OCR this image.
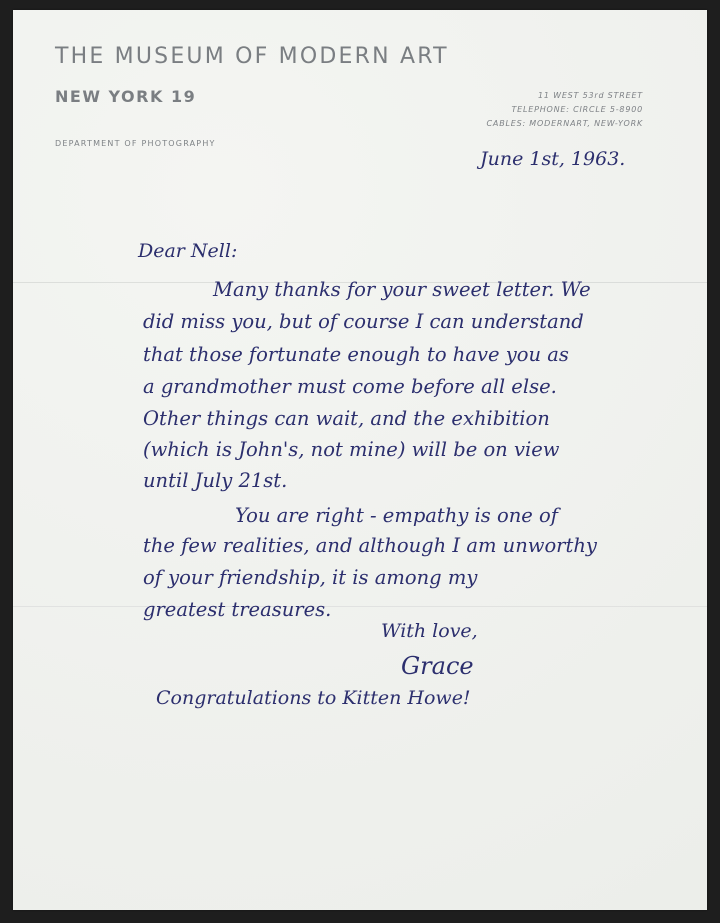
THE MUSEUM OF MODERN ART
NEW YORK 19
DEPARTMENT OF PHOTOGRAPHY
11 WEST 53rd STREET
TELEPHONE: CIRCLE 5-8900
CABLES: MODERNART, NEW-YORK
June 1st, 1963.
Dear Nell:
Many thanks for your sweet letter. We
did miss you, but of course I can understand
that those fortunate enough to have you as
a grandmother must come before all else.
Other things can wait, and the exhibition
(which is John's, not mine) will be on view
until July 21st.
You are right - empathy is one of
the few realities, and although I am unworthy
of your friendship, it is among my
greatest treasures.
With love,
Grace
Congratulations to Kitten Howe!
